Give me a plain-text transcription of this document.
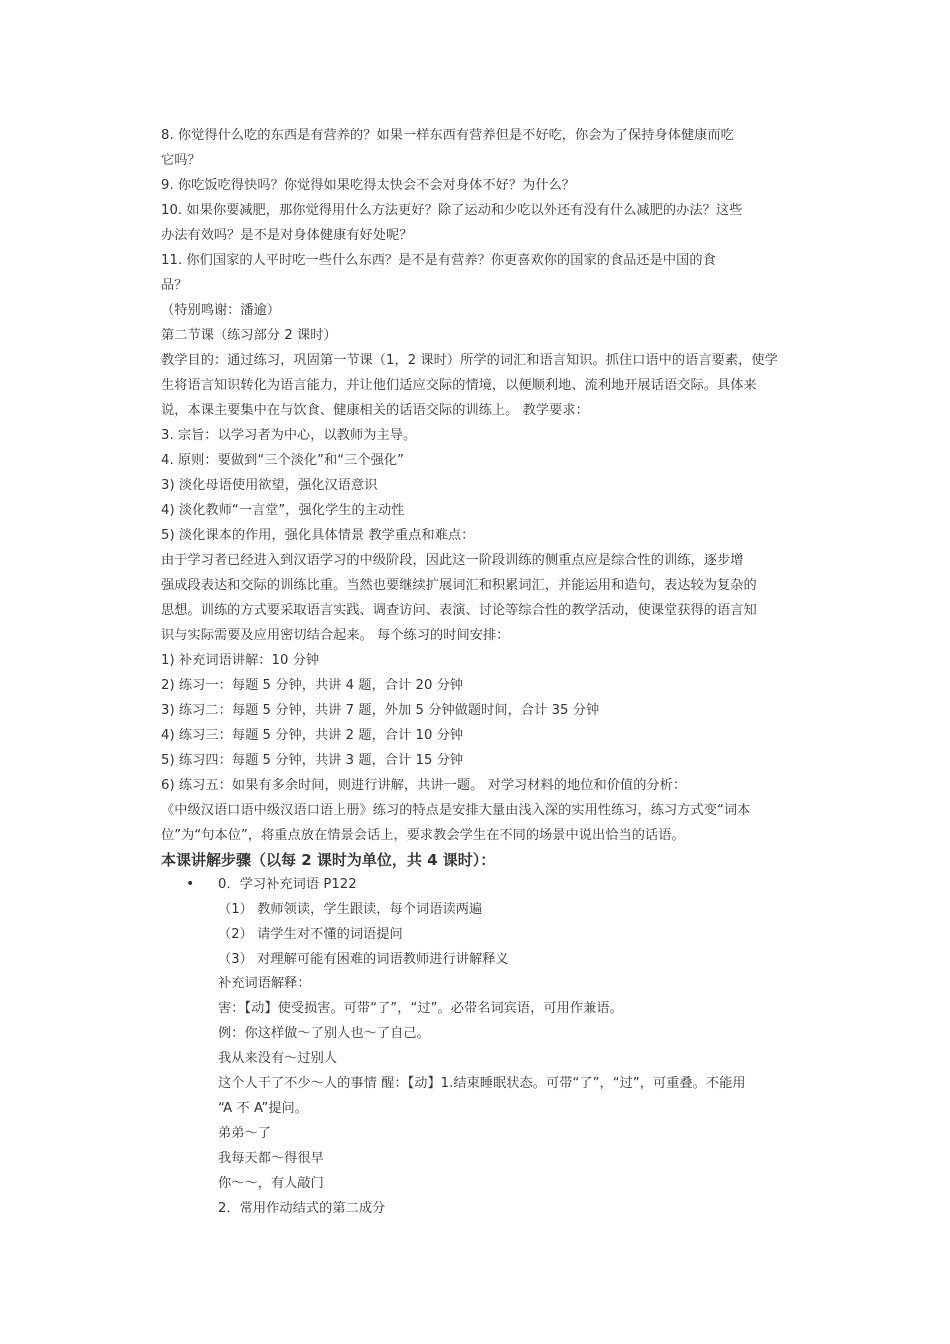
8. 你觉得什么吃的东西是有营养的？如果一样东西有营养但是不好吃，你会为了保持身体健康而吃
它吗？
9. 你吃饭吃得快吗？你觉得如果吃得太快会不会对身体不好？为什么？
10. 如果你要减肥，那你觉得用什么方法更好？除了运动和少吃以外还有没有什么减肥的办法？这些
办法有效吗？是不是对身体健康有好处呢？
11. 你们国家的人平时吃一些什么东西？是不是有营养？你更喜欢你的国家的食品还是中国的食
品？
（特别鸣谢：潘逾）
第二节课（练习部分 2 课时）
教学目的：通过练习，巩固第一节课（1，2 课时）所学的词汇和语言知识。抓住口语中的语言要素，使学
生将语言知识转化为语言能力，并让他们适应交际的情境，以便顺利地、流利地开展话语交际。具体来
说，本课主要集中在与饮食、健康相关的话语交际的训练上。 教学要求：
3. 宗旨：以学习者为中心，以教师为主导。
4. 原则：要做到“三个淡化”和“三个强化”
3) 淡化母语使用欲望，强化汉语意识
4) 淡化教师“一言堂”，强化学生的主动性
5) 淡化课本的作用，强化具体情景 教学重点和难点：
由于学习者已经进入到汉语学习的中级阶段，因此这一阶段训练的侧重点应是综合性的训练，逐步增
强成段表达和交际的训练比重。当然也要继续扩展词汇和积累词汇，并能运用和造句，表达较为复杂的
思想。训练的方式要采取语言实践、调查访问、表演、讨论等综合性的教学活动，使课堂获得的语言知
识与实际需要及应用密切结合起来。 每个练习的时间安排：
1) 补充词语讲解：10 分钟
2) 练习一：每题 5 分钟，共讲 4 题，合计 20 分钟
3) 练习二：每题 5 分钟，共讲 7 题，外加 5 分钟做题时间，合计 35 分钟
4) 练习三：每题 5 分钟，共讲 2 题，合计 10 分钟
5) 练习四：每题 5 分钟，共讲 3 题，合计 15 分钟
6) 练习五：如果有多余时间，则进行讲解，共讲一题。 对学习材料的地位和价值的分析：
《中级汉语口语中级汉语口语上册》练习的特点是安排大量由浅入深的实用性练习，练习方式变“词本
位”为“句本位”，将重点放在情景会话上，要求教会学生在不同的场景中说出恰当的话语。
本课讲解步骤（以每 2 课时为单位，共 4 课时）：
• 0．学习补充词语 P122
（1） 教师领读，学生跟读，每个词语读两遍
（2） 请学生对不懂的词语提问
（3） 对理解可能有困难的词语教师进行讲解释义
补充词语解释：
害：【动】使受损害。可带“了”，“过”。必带名词宾语，可用作兼语。
例：你这样做～了别人也～了自己。
我从来没有～过别人
这个人干了不少～人的事情 醒：【动】1.结束睡眠状态。可带“了”，“过”，可重叠。不能用
“A 不 A”提问。
弟弟～了
我每天都～得很早
你～～，有人敲门
2．常用作动结式的第二成分
